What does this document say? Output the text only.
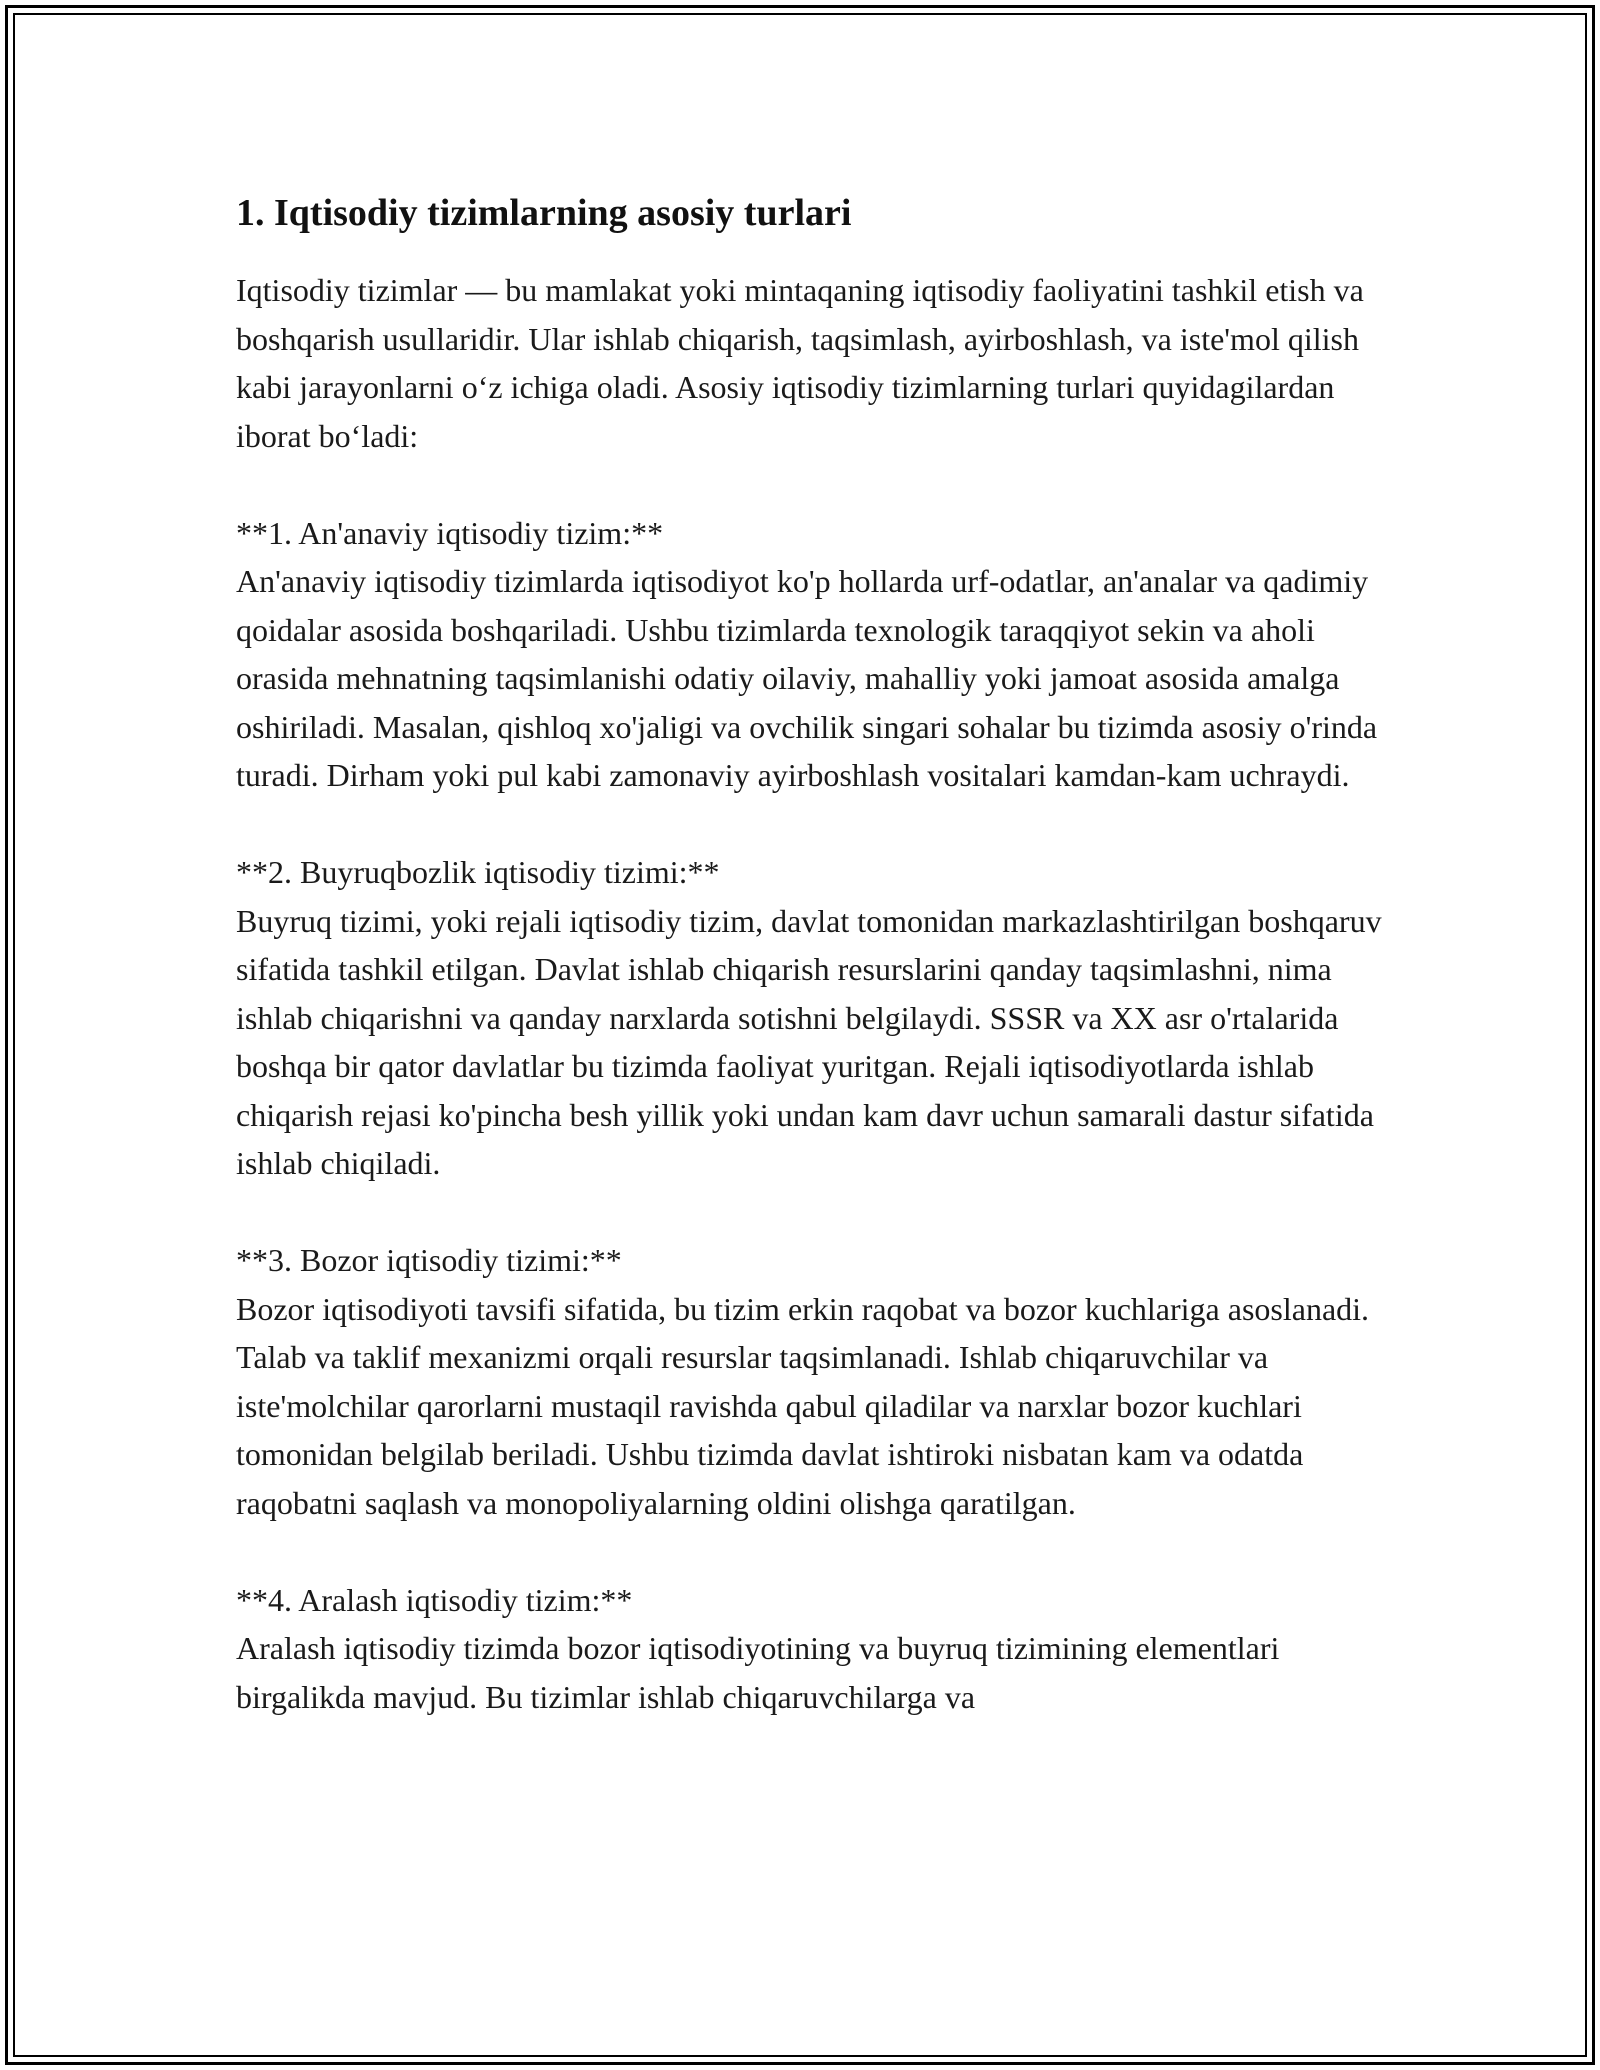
1. Iqtisodiy tizimlarning asosiy turlari

Iqtisodiy tizimlar — bu mamlakat yoki mintaqaning iqtisodiy faoliyatini tashkil etish va boshqarish usullaridir. Ular ishlab chiqarish, taqsimlash, ayirboshlash, va iste'mol qilish kabi jarayonlarni o‘z ichiga oladi. Asosiy iqtisodiy tizimlarning turlari quyidagilardan iborat bo‘ladi:

**1. An'anaviy iqtisodiy tizim:**

An'anaviy iqtisodiy tizimlarda iqtisodiyot ko'p hollarda urf-odatlar, an'analar va qadimiy qoidalar asosida boshqariladi. Ushbu tizimlarda texnologik taraqqiyot sekin va aholi orasida mehnatning taqsimlanishi odatiy oilaviy, mahalliy yoki jamoat asosida amalga oshiriladi. Masalan, qishloq xo'jaligi va ovchilik singari sohalar bu tizimda asosiy o'rinda turadi. Dirham yoki pul kabi zamonaviy ayirboshlash vositalari kamdan-kam uchraydi.

**2. Buyruqbozlik iqtisodiy tizimi:**

Buyruq tizimi, yoki rejali iqtisodiy tizim, davlat tomonidan markazlashtirilgan boshqaruv sifatida tashkil etilgan. Davlat ishlab chiqarish resurslarini qanday taqsimlashni, nima ishlab chiqarishni va qanday narxlarda sotishni belgilaydi. SSSR va XX asr o'rtalarida boshqa bir qator davlatlar bu tizimda faoliyat yuritgan. Rejali iqtisodiyotlarda ishlab chiqarish rejasi ko'pincha besh yillik yoki undan kam davr uchun samarali dastur sifatida ishlab chiqiladi.

**3. Bozor iqtisodiy tizimi:**

Bozor iqtisodiyoti tavsifi sifatida, bu tizim erkin raqobat va bozor kuchlariga asoslanadi. Talab va taklif mexanizmi orqali resurslar taqsimlanadi. Ishlab chiqaruvchilar va iste'molchilar qarorlarni mustaqil ravishda qabul qiladilar va narxlar bozor kuchlari tomonidan belgilab beriladi. Ushbu tizimda davlat ishtiroki nisbatan kam va odatda raqobatni saqlash va monopoliyalarning oldini olishga qaratilgan.

**4. Aralash iqtisodiy tizim:**

Aralash iqtisodiy tizimda bozor iqtisodiyotining va buyruq tizimining elementlari birgalikda mavjud. Bu tizimlar ishlab chiqaruvchilarga va
